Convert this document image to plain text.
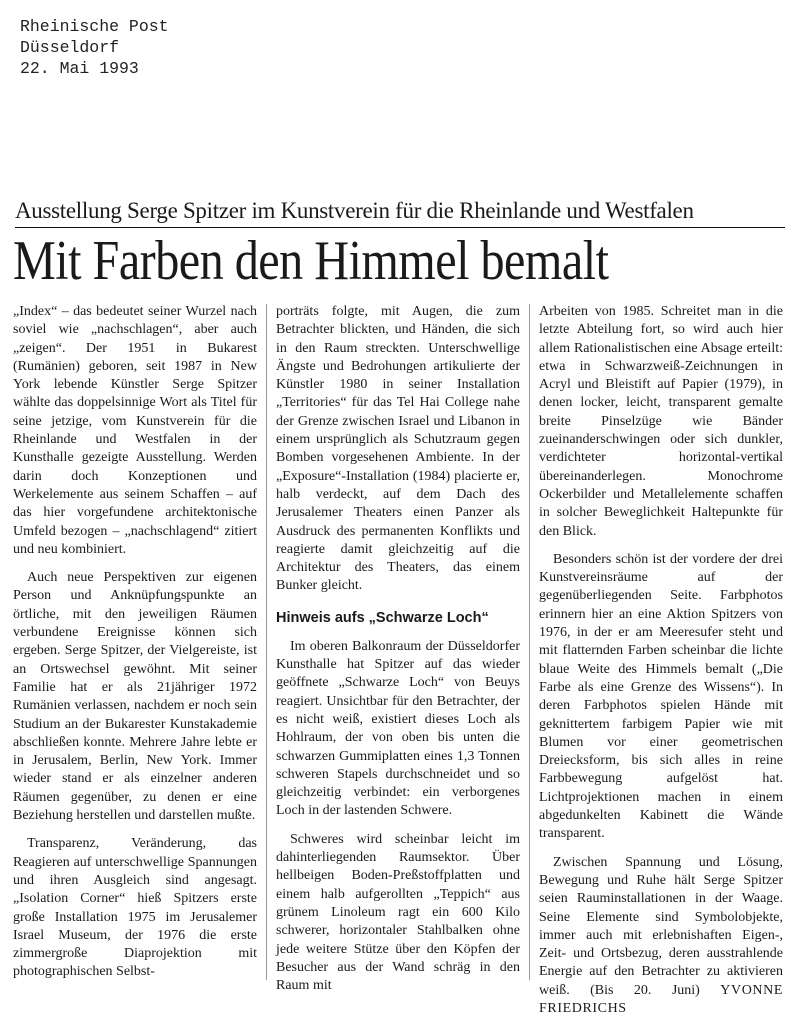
Rheinische Post
Düsseldorf
22. Mai 1993
Ausstellung Serge Spitzer im Kunstverein für die Rheinlande und Westfalen
Mit Farben den Himmel bemalt

„Index“ – das bedeutet seiner Wurzel nach soviel wie „nachschlagen“, aber auch „zeigen“. Der 1951 in Bukarest (Rumänien) geboren, seit 1987 in New York lebende Künstler Serge Spitzer wählte das doppelsinnige Wort als Titel für seine jetzige, vom Kunstverein für die Rheinlande und Westfalen in der Kunsthalle gezeigte Ausstellung. Werden darin doch Konzeptionen und Werkelemente aus seinem Schaffen – auf das hier vorgefundene architektonische Umfeld bezogen – „nachschlagend“ zitiert und neu kombiniert.

Auch neue Perspektiven zur eigenen Person und Anknüpfungspunkte an örtliche, mit den jeweiligen Räumen verbundene Ereignisse können sich ergeben. Serge Spitzer, der Vielgereiste, ist an Ortswechsel gewöhnt. Mit seiner Familie hat er als 21jähriger 1972 Rumänien verlassen, nachdem er noch sein Studium an der Bukarester Kunstakademie abschließen konnte. Mehrere Jahre lebte er in Jerusalem, Berlin, New York. Immer wieder stand er als einzelner anderen Räumen gegenüber, zu denen er eine Beziehung herstellen und darstellen mußte.

Transparenz, Veränderung, das Reagieren auf unterschwellige Spannungen und ihren Ausgleich sind angesagt. „Isolation Corner“ hieß Spitzers erste große Installation 1975 im Jerusalemer Israel Museum, der 1976 die erste zimmergroße Diaprojektion mit photographischen Selbst-

porträts folgte, mit Augen, die zum Betrachter blickten, und Händen, die sich in den Raum streckten. Unterschwellige Ängste und Bedrohungen artikulierte der Künstler 1980 in seiner Installation „Territories“ für das Tel Hai College nahe der Grenze zwischen Israel und Libanon in einem ursprünglich als Schutzraum gegen Bomben vorgesehenen Ambiente. In der „Exposure“-Installation (1984) placierte er, halb verdeckt, auf dem Dach des Jerusalemer Theaters einen Panzer als Ausdruck des permanenten Konflikts und reagierte damit gleichzeitig auf die Architektur des Theaters, das einem Bunker gleicht.

Hinweis aufs „Schwarze Loch“

Im oberen Balkonraum der Düsseldorfer Kunsthalle hat Spitzer auf das wieder geöffnete „Schwarze Loch“ von Beuys reagiert. Unsichtbar für den Betrachter, der es nicht weiß, existiert dieses Loch als Hohlraum, der von oben bis unten die schwarzen Gummiplatten eines 1,3 Tonnen schweren Stapels durchschneidet und so gleichzeitig verbindet: ein verborgenes Loch in der lastenden Schwere.

Schweres wird scheinbar leicht im dahinterliegenden Raumsektor. Über hellbeigen Boden-Preßstoffplatten und einem halb aufgerollten „Teppich“ aus grünem Linoleum ragt ein 600 Kilo schwerer, horizontaler Stahlbalken ohne jede weitere Stütze über den Köpfen der Besucher aus der Wand schräg in den Raum mit

Arbeiten von 1985. Schreitet man in die letzte Abteilung fort, so wird auch hier allem Rationalistischen eine Absage erteilt: etwa in Schwarzweiß-Zeichnungen in Acryl und Bleistift auf Papier (1979), in denen locker, leicht, transparent gemalte breite Pinselzüge wie Bänder zueinanderschwingen oder sich dunkler, verdichteter horizontal-vertikal übereinanderlegen. Monochrome Ockerbilder und Metallelemente schaffen in solcher Beweglichkeit Haltepunkte für den Blick.

Besonders schön ist der vordere der drei Kunstvereinsräume auf der gegenüberliegenden Seite. Farbphotos erinnern hier an eine Aktion Spitzers von 1976, in der er am Meeresufer steht und mit flatternden Farben scheinbar die lichte blaue Weite des Himmels bemalt („Die Farbe als eine Grenze des Wissens“). In deren Farbphotos spielen Hände mit geknittertem farbigem Papier wie mit Blumen vor einer geometrischen Dreiecksform, bis sich alles in reine Farbbewegung aufgelöst hat. Lichtprojektionen machen in einem abgedunkelten Kabinett die Wände transparent.

Zwischen Spannung und Lösung, Bewegung und Ruhe hält Serge Spitzer seien Rauminstallationen in der Waage. Seine Elemente sind Symbolobjekte, immer auch mit erlebnishaften Eigen-, Zeit- und Ortsbezug, deren ausstrahlende Energie auf den Betrachter zu aktivieren weiß. (Bis 20. Juni) YVONNE FRIEDRICHS
